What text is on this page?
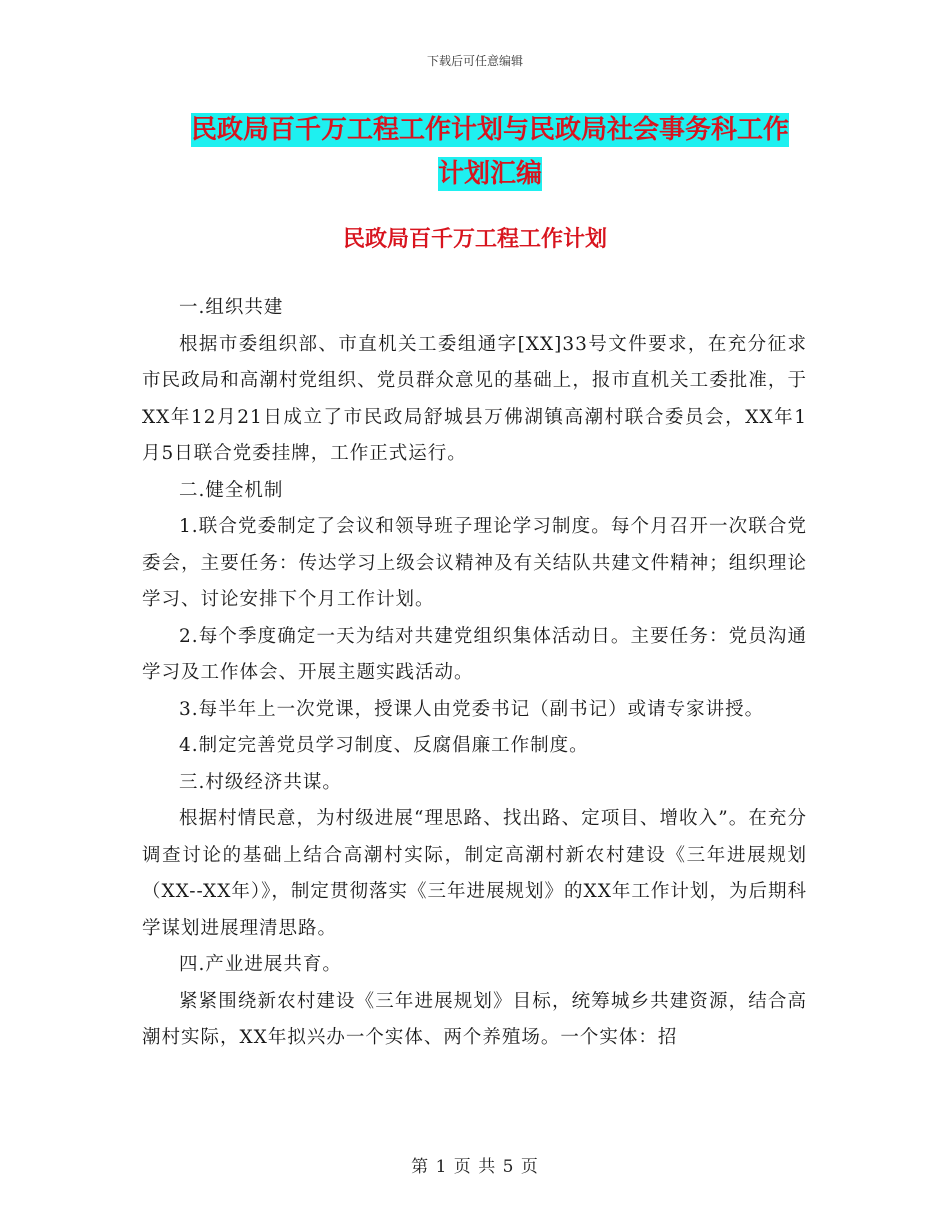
下载后可任意编辑
民政局百千万工程工作计划与民政局社会事务科工作
计划汇编
民政局百千万工程工作计划

一.组织共建

根据市委组织部、市直机关工委组通字[XX]33号文件要求，在充分征求市民政局和高潮村党组织、党员群众意见的基础上，报市直机关工委批准，于XX年12月21日成立了市民政局舒城县万佛湖镇高潮村联合委员会，XX年1月5日联合党委挂牌，工作正式运行。

二.健全机制

1.联合党委制定了会议和领导班子理论学习制度。每个月召开一次联合党委会，主要任务：传达学习上级会议精神及有关结队共建文件精神；组织理论学习、讨论安排下个月工作计划。

2.每个季度确定一天为结对共建党组织集体活动日。主要任务：党员沟通学习及工作体会、开展主题实践活动。

3.每半年上一次党课，授课人由党委书记（副书记）或请专家讲授。

4.制定完善党员学习制度、反腐倡廉工作制度。

三.村级经济共谋。

根据村情民意，为村级进展“理思路、找出路、定项目、增收入”。在充分调查讨论的基础上结合高潮村实际，制定高潮村新农村建设《三年进展规划（XX--XX年）》，制定贯彻落实《三年进展规划》的XX年工作计划，为后期科学谋划进展理清思路。

四.产业进展共育。

紧紧围绕新农村建设《三年进展规划》目标，统筹城乡共建资源，结合高潮村实际，XX年拟兴办一个实体、两个养殖场。一个实体：招

第 1 页 共 5 页
